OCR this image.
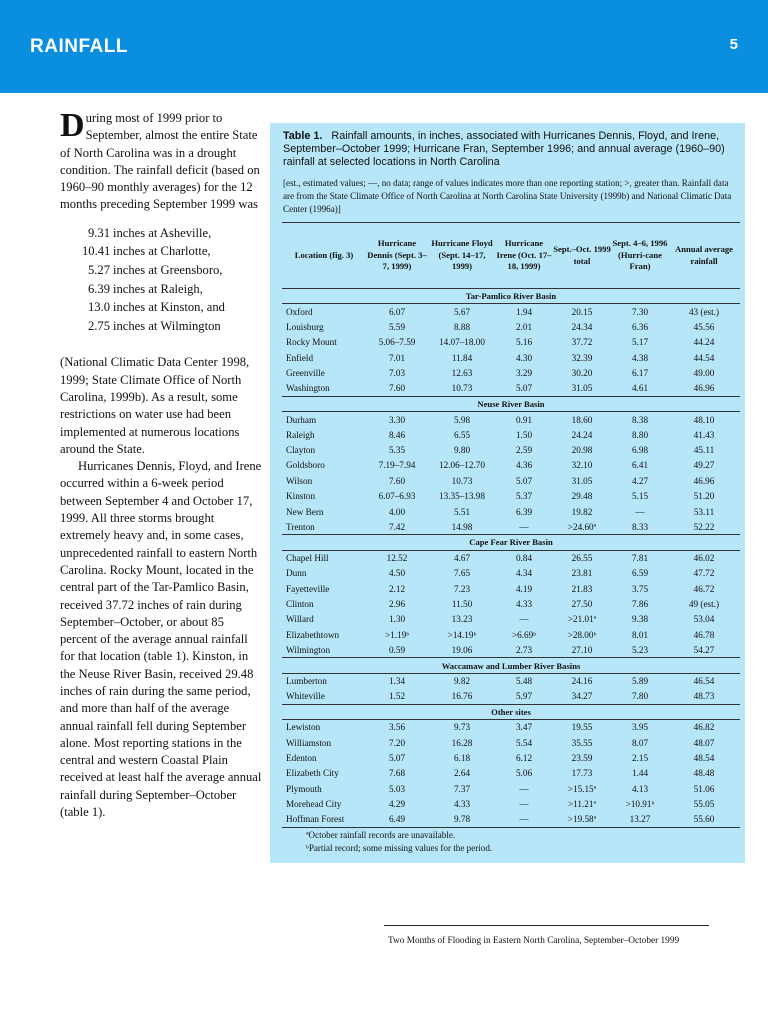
RAINFALL	5

During most of 1999 prior to September, almost the entire State of North Carolina was in a drought condition. The rainfall deficit (based on 1960–90 monthly averages) for the 12 months preceding September 1999 was

9.31 inches at Asheville,
10.41 inches at Charlotte,
5.27 inches at Greensboro,
6.39 inches at Raleigh,
13.0 inches at Kinston, and
2.75 inches at Wilmington

(National Climatic Data Center 1998, 1999; State Climate Office of North Carolina, 1999b). As a result, some restrictions on water use had been implemented at numerous locations around the State.

Hurricanes Dennis, Floyd, and Irene occurred within a 6-week period between September 4 and October 17, 1999. All three storms brought extremely heavy and, in some cases, unprecedented rainfall to eastern North Carolina. Rocky Mount, located in the central part of the Tar-Pamlico Basin, received 37.72 inches of rain during September–October, or about 85 percent of the average annual rainfall for that location (table 1). Kinston, in the Neuse River Basin, received 29.48 inches of rain during the same period, and more than half of the average annual rainfall fell during September alone. Most reporting stations in the central and western Coastal Plain received at least half the average annual rainfall during September–October (table 1).

Table 1. Rainfall amounts, in inches, associated with Hurricanes Dennis, Floyd, and Irene, September–October 1999; Hurricane Fran, September 1996; and annual average (1960–90) rainfall at selected locations in North Carolina
[est., estimated values; —, no data; range of values indicates more than one reporting station; >, greater than. Rainfall data are from the State Climate Office of North Carolina at North Carolina State University (1999b) and National Climatic Data Center (1996a)]
Location (fig. 3)	Hurricane Dennis (Sept. 3–7, 1999)	Hurricane Floyd (Sept. 14–17, 1999)	Hurricane Irene (Oct. 17–18, 1999)	Sept.–Oct. 1999 total	Sept. 4–6, 1996 (Hurri-cane Fran)	Annual average rainfall
Tar-Pamlico River Basin						
Oxford	6.07	5.67	1.94	20.15	7.30	43 (est.)
Louisburg	5.59	8.88	2.01	24.34	6.36	45.56
Rocky Mount	5.06–7.59	14.07–18.00	5.16	37.72	5.17	44.24
Enfield	7.01	11.84	4.30	32.39	4.38	44.54
Greenville	7.03	12.63	3.29	30.20	6.17	49.00
Washington	7.60	10.73	5.07	31.05	4.61	46.96
Neuse River Basin						
Durham	3.30	5.98	0.91	18.60	8.38	48.10
Raleigh	8.46	6.55	1.50	24.24	8.80	41.43
Clayton	5.35	9.80	2.59	20.98	6.98	45.11
Goldsboro	7.19–7.94	12.06–12.70	4.36	32.10	6.41	49.27
Wilson	7.60	10.73	5.07	31.05	4.27	46.96
Kinston	6.07–6.93	13.35–13.98	5.37	29.48	5.15	51.20
New Bern	4.00	5.51	6.39	19.82	—	53.11
Trenton	7.42	14.98	—	>24.60ª	8.33	52.22
Cape Fear River Basin						
Chapel Hill	12.52	4.67	0.84	26.55	7.81	46.02
Dunn	4.50	7.65	4.34	23.81	6.59	47.72
Fayetteville	2.12	7.23	4.19	21.83	3.75	46.72
Clinton	2.96	11.50	4.33	27.50	7.86	49 (est.)
Willard	1.30	13.23	—	>21.01ª	9.38	53.04
Elizabethtown	>1.19ᵇ	>14.19ᵇ	>6.69ᵇ	>28.00ᵇ	8.01	46.78
Wilmington	0.59	19.06	2.73	27.10	5.23	54.27
Waccamaw and Lumber River Basins						
Lumberton	1.34	9.82	5.48	24.16	5.89	46.54
Whiteville	1.52	16.76	5.97	34.27	7.80	48.73
Other sites						
Lewiston	3.56	9.73	3.47	19.55	3.95	46.82
Williamston	7.20	16.28	5.54	35.55	8.07	48.07
Edenton	5.07	6.18	6.12	23.59	2.15	48.54
Elizabeth City	7.68	2.64	5.06	17.73	1.44	48.48
Plymouth	5.03	7.37	—	>15.15ª	4.13	51.06
Morehead City	4.29	4.33	—	>11.21ª	>10.91ᵇ	55.05
Hoffman Forest	6.49	9.78	—	>19.58ª	13.27	55.60
ªOctober rainfall records are unavailable.
ᵇPartial record; some missing values for the period.
Two Months of Flooding in Eastern North Carolina, September–October 1999
